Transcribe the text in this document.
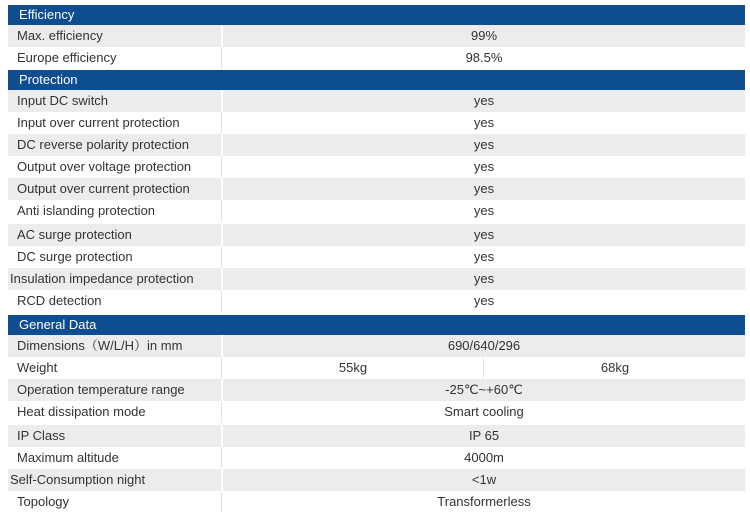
Efficiency
Max. efficiency	99%
Europe efficiency	98.5%
Protection
Input DC switch	yes
Input over current protection	yes
DC reverse polarity protection	yes
Output over voltage protection	yes
Output over current protection	yes
Anti islanding protection	yes
AC surge protection	yes
DC surge protection	yes
Insulation impedance protection	yes
RCD detection	yes
General Data
Dimensions（W/L/H）in mm	690/640/296
Weight	55kg	68kg
Operation temperature range	-25℃~+60℃
Heat dissipation mode	Smart cooling
IP Class	IP 65
Maximum altitude	4000m
Self-Consumption night	<1w
Topology	Transformerless
